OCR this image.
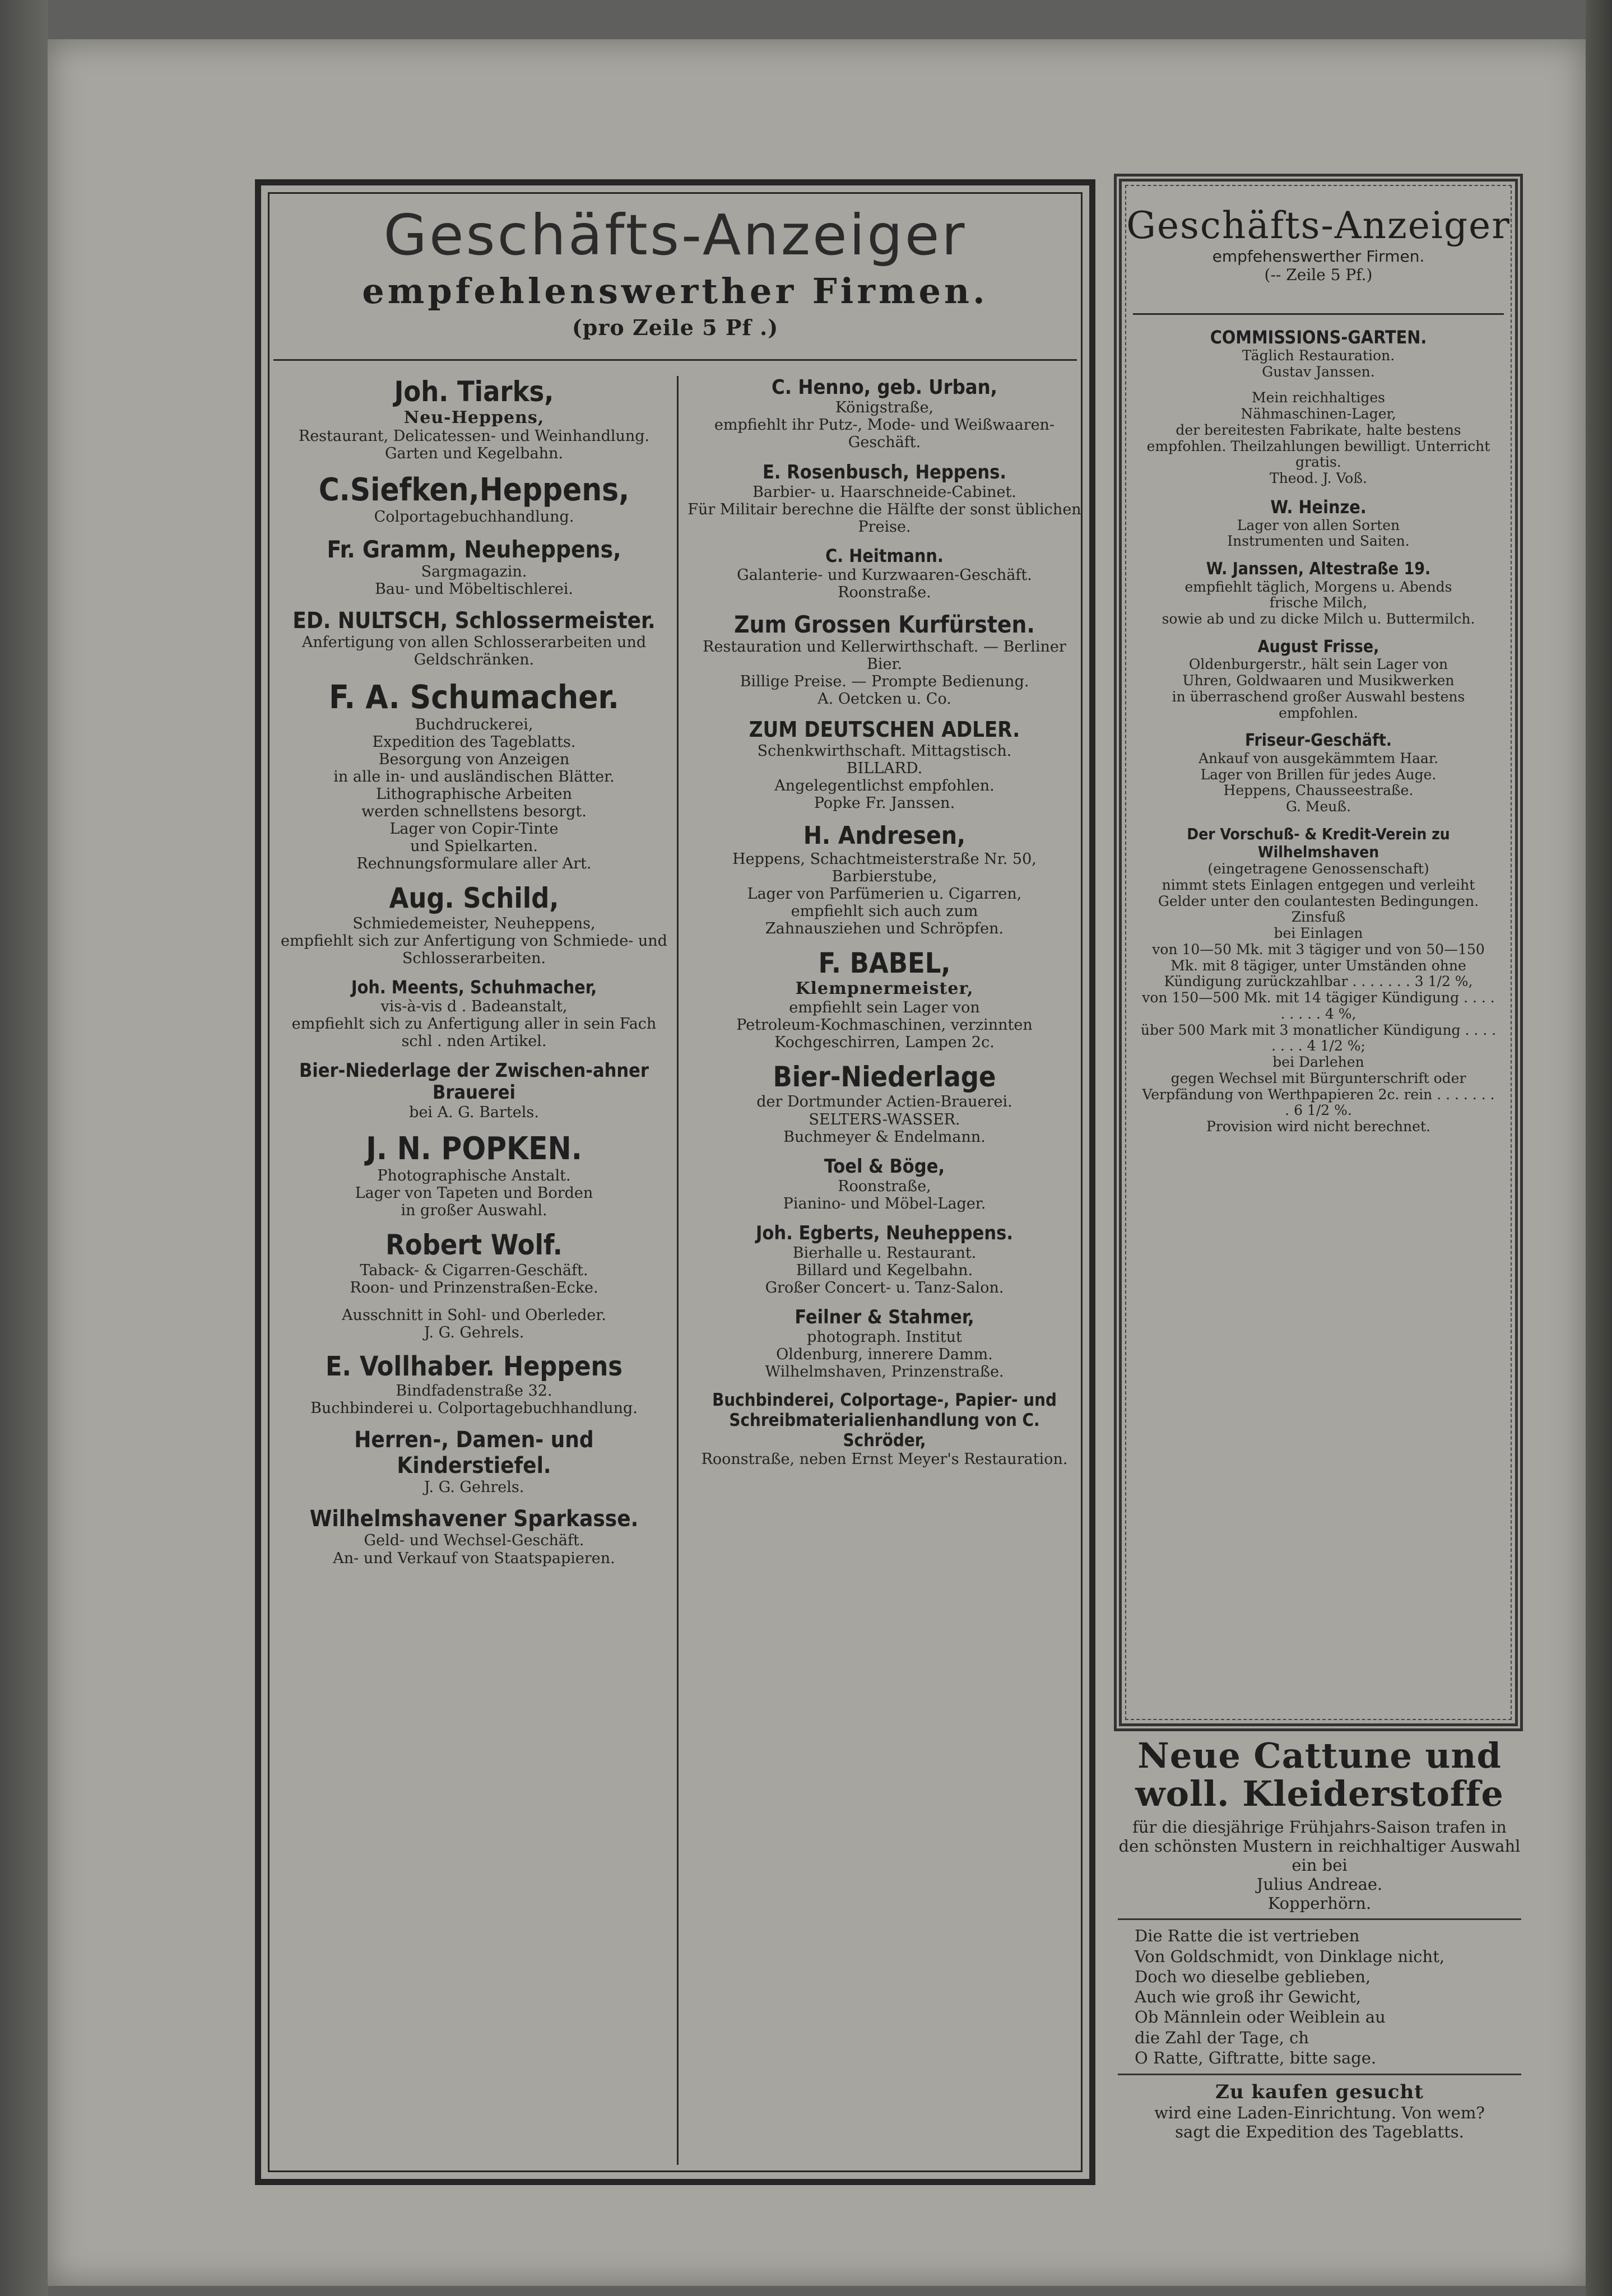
Geschäfts-Anzeiger
empfehlenswerther Firmen.
(pro Zeile 5 Pf .)
Joh. Tiarks,
Neu-Heppens,
Restaurant, Delicatessen- und Weinhandlung.
Garten und Kegelbahn.
C.Siefken,Heppens,
Colportagebuchhandlung.
Fr. Gramm, Neuheppens,
Sargmagazin.
Bau- und Möbeltischlerei.
ED. NULTSCH, Schlossermeister.
Anfertigung von allen Schlosserarbeiten und Geldschränken.
F. A. Schumacher.
Buchdruckerei,
Expedition des Tageblatts.
Besorgung von Anzeigen
in alle in- und ausländischen Blätter.
Lithographische Arbeiten
werden schnellstens besorgt.
Lager von Copir-Tinte
und Spielkarten.
Rechnungsformulare aller Art.
Aug. Schild,
Schmiedemeister, Neuheppens,
empfiehlt sich zur Anfertigung von Schmiede- und Schlosserarbeiten.
Joh. Meents, Schuhmacher,
vis-à-vis d . Badeanstalt,
empfiehlt sich zu Anfertigung aller in sein Fach schl . nden Artikel.
Bier-Niederlage der Zwischen-ahner Brauerei
bei A. G. Bartels.
J. N. POPKEN.
Photographische Anstalt.
Lager von Tapeten und Borden
in großer Auswahl.
Robert Wolf.
Taback- & Cigarren-Geschäft.
Roon- und Prinzenstraßen-Ecke.
Ausschnitt in Sohl- und Oberleder.
J. G. Gehrels.
E. Vollhaber. Heppens
Bindfadenstraße 32.
Buchbinderei u. Colportagebuchhandlung.
Herren-, Damen- und Kinderstiefel.
J. G. Gehrels.
Wilhelmshavener Sparkasse.
Geld- und Wechsel-Geschäft.
An- und Verkauf von Staatspapieren.
C. Henno, geb. Urban,
Königstraße,
empfiehlt ihr Putz-, Mode- und Weißwaaren-Geschäft.
E. Rosenbusch, Heppens.
Barbier- u. Haarschneide-Cabinet.
Für Militair berechne die Hälfte der sonst üblichen Preise.
C. Heitmann.
Galanterie- und Kurzwaaren-Geschäft.
Roonstraße.
Zum Grossen Kurfürsten.
Restauration und Kellerwirthschaft. — Berliner Bier.
Billige Preise. — Prompte Bedienung.
A. Oetcken u. Co.
ZUM DEUTSCHEN ADLER.
Schenkwirthschaft. Mittagstisch.
BILLARD.
Angelegentlichst empfohlen.
Popke Fr. Janssen.
H. Andresen,
Heppens, Schachtmeisterstraße Nr. 50,
Barbierstube,
Lager von Parfümerien u. Cigarren,
empfiehlt sich auch zum
Zahnausziehen und Schröpfen.
F. BABEL,
Klempnermeister,
empfiehlt sein Lager von
Petroleum-Kochmaschinen, verzinnten Kochgeschirren, Lampen 2c.
Bier-Niederlage
der Dortmunder Actien-Brauerei.
SELTERS-WASSER.
Buchmeyer & Endelmann.
Toel & Böge,
Roonstraße,
Pianino- und Möbel-Lager.
Joh. Egberts, Neuheppens.
Bierhalle u. Restaurant.
Billard und Kegelbahn.
Großer Concert- u. Tanz-Salon.
Feilner & Stahmer,
photograph. Institut
Oldenburg, innerere Damm.
Wilhelmshaven, Prinzenstraße.
Buchbinderei, Colportage-, Papier- und Schreibmaterialienhandlung von C. Schröder,
Roonstraße, neben Ernst Meyer's Restauration.
Geschäfts-Anzeiger
empfehenswerther Firmen.
(-- Zeile 5 Pf.)
COMMISSIONS-GARTEN.
Täglich Restauration.
Gustav Janssen.
Mein reichhaltiges
Nähmaschinen-Lager,
der bereitesten Fabrikate, halte bestens empfohlen. Theilzahlungen bewilligt. Unterricht gratis.
Theod. J. Voß.
W. Heinze.
Lager von allen Sorten
Instrumenten und Saiten.
W. Janssen, Altestraße 19.
empfiehlt täglich, Morgens u. Abends
frische Milch,
sowie ab und zu dicke Milch u. Buttermilch.
August Frisse,
Oldenburgerstr., hält sein Lager von
Uhren, Goldwaaren und Musikwerken
in überraschend großer Auswahl bestens empfohlen.
Friseur-Geschäft.
Ankauf von ausgekämmtem Haar.
Lager von Brillen für jedes Auge.
Heppens, Chausseestraße.
G. Meuß.
Der Vorschuß- & Kredit-Verein zu Wilhelmshaven
(eingetragene Genossenschaft)
nimmt stets Einlagen entgegen und verleiht Gelder unter den coulantesten Bedingungen.
Zinsfuß
bei Einlagen
von 10—50 Mk. mit 3 tägiger und von 50—150 Mk. mit 8 tägiger, unter Umständen ohne Kündigung zurückzahlbar . . . . . . . 3 1/2 %,
von 150—500 Mk. mit 14 tägiger Kündigung . . . . . . . . . 4 %,
über 500 Mark mit 3 monatlicher Kündigung . . . . . . . . 4 1/2 %;
bei Darlehen
gegen Wechsel mit Bürgunterschrift oder Verpfändung von Werthpapieren 2c. rein . . . . . . . . 6 1/2 %.
Provision wird nicht berechnet.
Neue Cattune und woll. Kleiderstoffe
für die diesjährige Frühjahrs-Saison trafen in den schönsten Mustern in reichhaltiger Auswahl ein bei
Julius Andreae.
Kopperhörn.
Die Ratte die ist vertrieben
Von Goldschmidt, von Dinklage nicht,
Doch wo dieselbe geblieben,
Auch wie groß ihr Gewicht,
Ob Männlein oder Weiblein au
die Zahl der Tage, ch
O Ratte, Giftratte, bitte sage.
Zu kaufen gesucht
wird eine Laden-Einrichtung. Von wem?
sagt die Expedition des Tageblatts.
